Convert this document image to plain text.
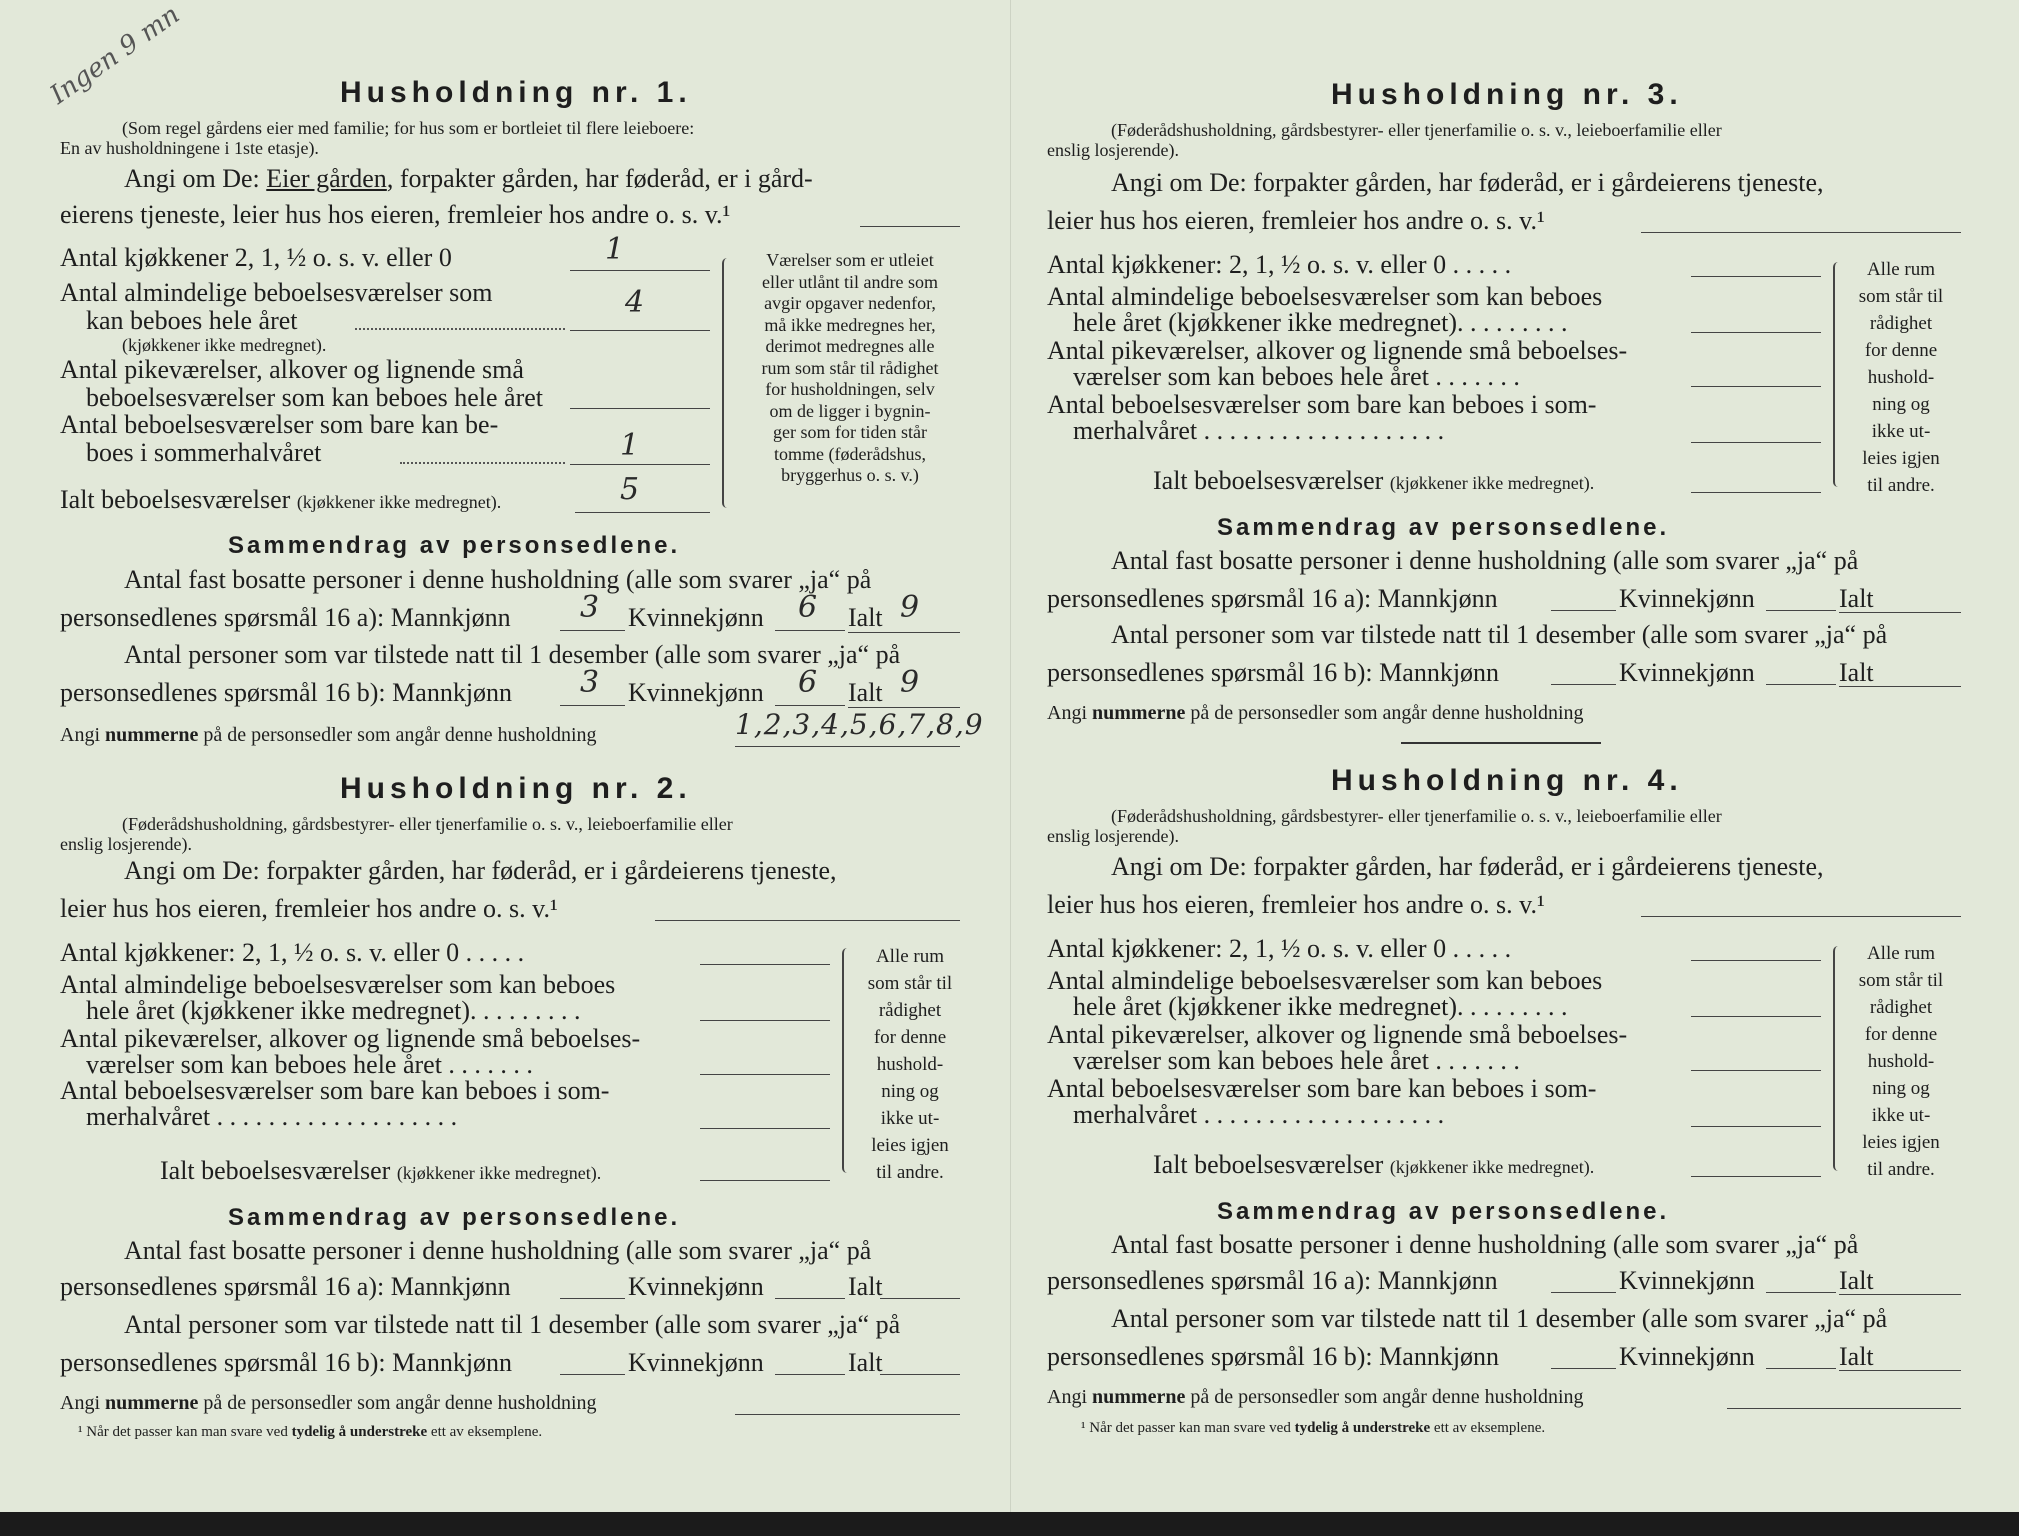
Ingen 9 mn	Husholdning nr. 1.
(Som regel gårdens eier med familie; for hus som er bortleiet til flere leieboere:
En av husholdningene i 1ste etasje).
Angi om De: Eier gården, forpakter gården, har føderåd, er i gård-
eierens tjeneste, leier hus hos eieren, fremleier hos andre o. s. v.¹
Antal kjøkkener 2, 1, ½ o. s. v. eller 0	1
Antal almindelige beboelsesværelser som
kan beboes hele året
4
(kjøkkener ikke medregnet).
Antal pikeværelser, alkover og lignende små
beboelsesværelser som kan beboes hele året
Antal beboelsesværelser som bare kan be-
boes i sommerhalvåret	1
Ialt beboelsesværelser (kjøkkener ikke medregnet).	5
Værelser som er utleiet
eller utlånt til andre som
avgir opgaver nedenfor,
må ikke medregnes her,
derimot medregnes alle
rum som står til rådighet
for husholdningen, selv
om de ligger i bygnin-
ger som for tiden står
tomme (føderådshus,
bryggerhus o. s. v.)
Sammendrag av personsedlene.
Antal fast bosatte personer i denne husholdning (alle som svarer „ja“ på
personsedlenes spørsmål 16 a): Mannkjønn 3 Kvinnekjønn 6 Ialt 9
Antal personer som var tilstede natt til 1 desember (alle som svarer „ja“ på
personsedlenes spørsmål 16 b): Mannkjønn 3 Kvinnekjønn 6 Ialt 9
Angi nummerne på de personsedler som angår denne husholdning	1,2,3,4,5,6,7,8,9
Husholdning nr. 2.
(Føderådshusholdning, gårdsbestyrer- eller tjenerfamilie o. s. v., leieboerfamilie eller
enslig losjerende).
Angi om De: forpakter gården, har føderåd, er i gårdeierens tjeneste,
leier hus hos eieren, fremleier hos andre o. s. v.¹
Antal kjøkkener: 2, 1, ½ o. s. v. eller 0 . . . . .
Antal almindelige beboelsesværelser som kan beboes
hele året (kjøkkener ikke medregnet). . . . . . . . .
Antal pikeværelser, alkover og lignende små beboelses-
værelser som kan beboes hele året . . . . . . .
Antal beboelsesværelser som bare kan beboes i som-
merhalvåret . . . . . . . . . . . . . . . . . . .
Ialt beboelsesværelser (kjøkkener ikke medregnet).
Alle rum
som står til
rådighet
for denne
hushold-
ning og
ikke ut-
leies igjen
til andre.
Sammendrag av personsedlene.
Antal fast bosatte personer i denne husholdning (alle som svarer „ja“ på
personsedlenes spørsmål 16 a): Mannkjønn	Kvinnekjønn	Ialt
Antal personer som var tilstede natt til 1 desember (alle som svarer „ja“ på
personsedlenes spørsmål 16 b): Mannkjønn	Kvinnekjønn	Ialt
Angi nummerne på de personsedler som angår denne husholdning
¹ Når det passer kan man svare ved tydelig å understreke ett av eksemplene.
Husholdning nr. 3.
(Føderådshusholdning, gårdsbestyrer- eller tjenerfamilie o. s. v., leieboerfamilie eller
enslig losjerende).
Angi om De: forpakter gården, har føderåd, er i gårdeierens tjeneste,
leier hus hos eieren, fremleier hos andre o. s. v.¹
Antal kjøkkener: 2, 1, ½ o. s. v. eller 0 . . . . .
Antal almindelige beboelsesværelser som kan beboes
hele året (kjøkkener ikke medregnet). . . . . . . . .
Antal pikeværelser, alkover og lignende små beboelses-
værelser som kan beboes hele året . . . . . . .
Antal beboelsesværelser som bare kan beboes i som-
merhalvåret . . . . . . . . . . . . . . . . . . .
Ialt beboelsesværelser (kjøkkener ikke medregnet).
Alle rum
som står til
rådighet
for denne
hushold-
ning og
ikke ut-
leies igjen
til andre.
Sammendrag av personsedlene.
Antal fast bosatte personer i denne husholdning (alle som svarer „ja“ på
personsedlenes spørsmål 16 a): Mannkjønn	Kvinnekjønn	Ialt
Antal personer som var tilstede natt til 1 desember (alle som svarer „ja“ på
personsedlenes spørsmål 16 b): Mannkjønn	Kvinnekjønn	Ialt
Angi nummerne på de personsedler som angår denne husholdning
Husholdning nr. 4.
(Føderådshusholdning, gårdsbestyrer- eller tjenerfamilie o. s. v., leieboerfamilie eller
enslig losjerende).
Angi om De: forpakter gården, har føderåd, er i gårdeierens tjeneste,
leier hus hos eieren, fremleier hos andre o. s. v.¹
Antal kjøkkener: 2, 1, ½ o. s. v. eller 0 . . . . .
Antal almindelige beboelsesværelser som kan beboes
hele året (kjøkkener ikke medregnet). . . . . . . . .
Antal pikeværelser, alkover og lignende små beboelses-
værelser som kan beboes hele året . . . . . . .
Antal beboelsesværelser som bare kan beboes i som-
merhalvåret . . . . . . . . . . . . . . . . . . .
Ialt beboelsesværelser (kjøkkener ikke medregnet).
Alle rum
som står til
rådighet
for denne
hushold-
ning og
ikke ut-
leies igjen
til andre.
Sammendrag av personsedlene.
Antal fast bosatte personer i denne husholdning (alle som svarer „ja“ på
personsedlenes spørsmål 16 a): Mannkjønn	Kvinnekjønn	Ialt
Antal personer som var tilstede natt til 1 desember (alle som svarer „ja“ på
personsedlenes spørsmål 16 b): Mannkjønn	Kvinnekjønn	Ialt
Angi nummerne på de personsedler som angår denne husholdning
¹ Når det passer kan man svare ved tydelig å understreke ett av eksemplene.
